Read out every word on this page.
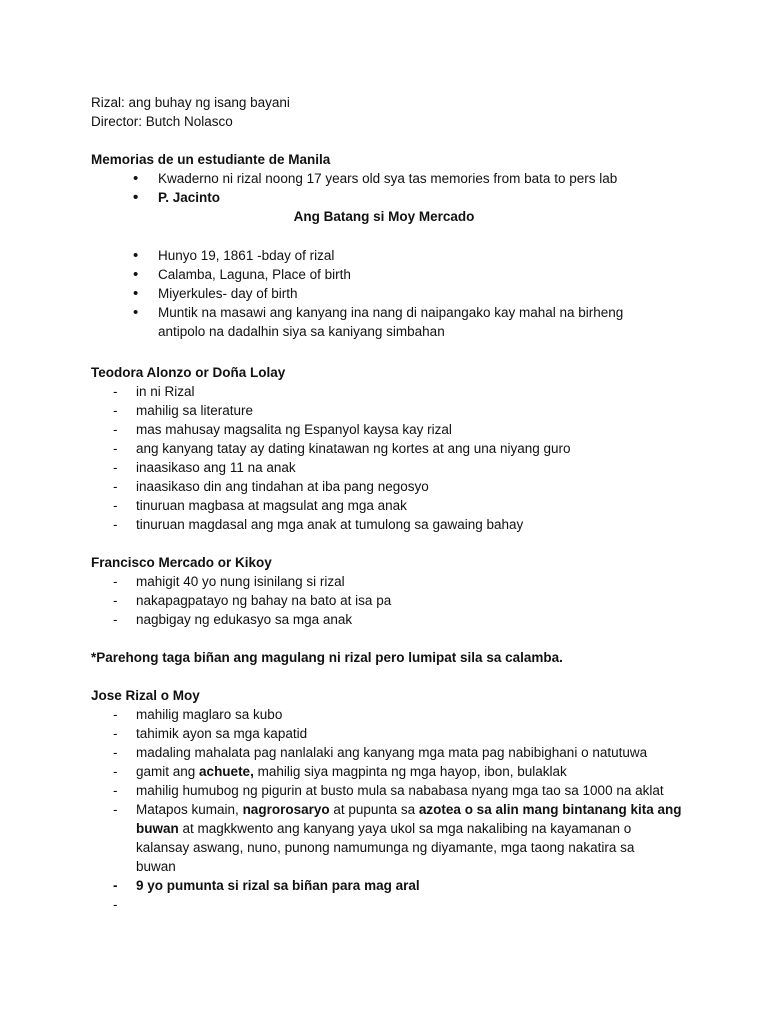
Rizal: ang buhay ng isang bayani
Director: Butch Nolasco
Memorias de un estudiante de Manila
• Kwaderno ni rizal noong 17 years old sya tas memories from bata to pers lab
• P. Jacinto
Ang Batang si Moy Mercado
• Hunyo 19, 1861 -bday of rizal
• Calamba, Laguna, Place of birth
• Miyerkules- day of birth
• Muntik na masawi ang kanyang ina nang di naipangako kay mahal na birheng
antipolo na dadalhin siya sa kaniyang simbahan
Teodora Alonzo or Doña Lolay
- in ni Rizal
- mahilig sa literature
- mas mahusay magsalita ng Espanyol kaysa kay rizal
- ang kanyang tatay ay dating kinatawan ng kortes at ang una niyang guro
- inaasikaso ang 11 na anak
- inaasikaso din ang tindahan at iba pang negosyo
- tinuruan magbasa at magsulat ang mga anak
- tinuruan magdasal ang mga anak at tumulong sa gawaing bahay
Francisco Mercado or Kikoy
- mahigit 40 yo nung isinilang si rizal
- nakapagpatayo ng bahay na bato at isa pa
- nagbigay ng edukasyo sa mga anak
*Parehong taga biñan ang magulang ni rizal pero lumipat sila sa calamba.
Jose Rizal o Moy
- mahilig maglaro sa kubo
- tahimik ayon sa mga kapatid
- madaling mahalata pag nanlalaki ang kanyang mga mata pag nabibighani o natutuwa
- gamit ang achuete, mahilig siya magpinta ng mga hayop, ibon, bulaklak
- mahilig humubog ng pigurin at busto mula sa nababasa nyang mga tao sa 1000 na aklat
- Matapos kumain, nagrorosaryo at pupunta sa azotea o sa alin mang bintanang kita ang
buwan at magkkwento ang kanyang yaya ukol sa mga nakalibing na kayamanan o
kalansay aswang, nuno, punong namumunga ng diyamante, mga taong nakatira sa
buwan
- 9 yo pumunta si rizal sa biñan para mag aral
-
